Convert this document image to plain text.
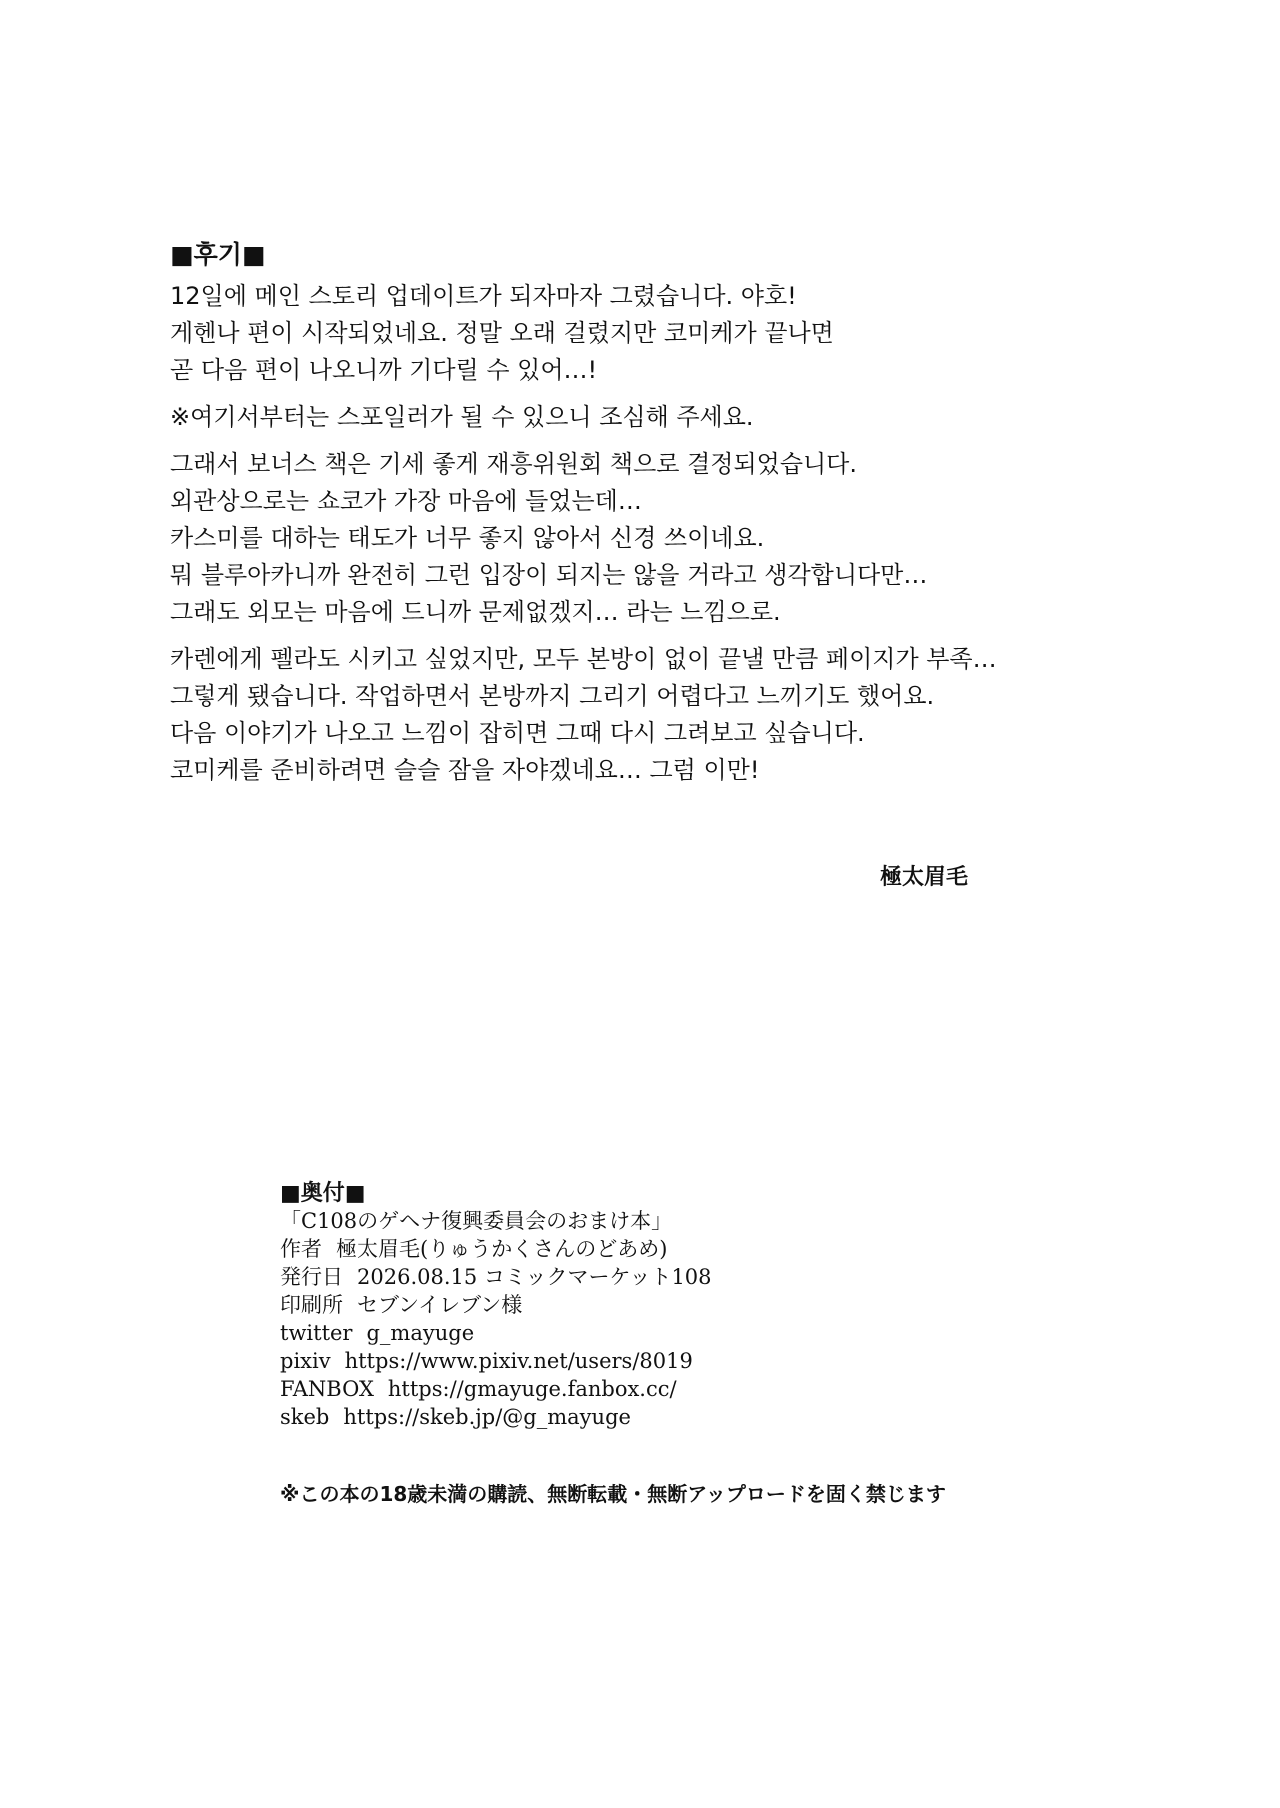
■후기■
12일에 메인 스토리 업데이트가 되자마자 그렸습니다. 야호!
게헨나 편이 시작되었네요. 정말 오래 걸렸지만 코미케가 끝나면
곧 다음 편이 나오니까 기다릴 수 있어…!
※여기서부터는 스포일러가 될 수 있으니 조심해 주세요.
그래서 보너스 책은 기세 좋게 재흥위원회 책으로 결정되었습니다.
외관상으로는 쇼코가 가장 마음에 들었는데…
카스미를 대하는 태도가 너무 좋지 않아서 신경 쓰이네요.
뭐 블루아카니까 완전히 그런 입장이 되지는 않을 거라고 생각합니다만…
그래도 외모는 마음에 드니까 문제없겠지… 라는 느낌으로.
카렌에게 펠라도 시키고 싶었지만, 모두 본방이 없이 끝낼 만큼 페이지가 부족…
그렇게 됐습니다. 작업하면서 본방까지 그리기 어렵다고 느끼기도 했어요.
다음 이야기가 나오고 느낌이 잡히면 그때 다시 그려보고 싶습니다.
코미케를 준비하려면 슬슬 잠을 자야겠네요… 그럼 이만!
極太眉毛
■奥付■
「C108のゲヘナ復興委員会のおまけ本」
作者 極太眉毛(りゅうかくさんのどあめ)
発行日 2026.08.15 コミックマーケット108
印刷所 セブンイレブン様
twitter g_mayuge
pixiv https://www.pixiv.net/users/8019
FANBOX https://gmayuge.fanbox.cc/
skeb https://skeb.jp/@g_mayuge
※この本の18歳未満の購読、無断転載・無断アップロードを固く禁じます
